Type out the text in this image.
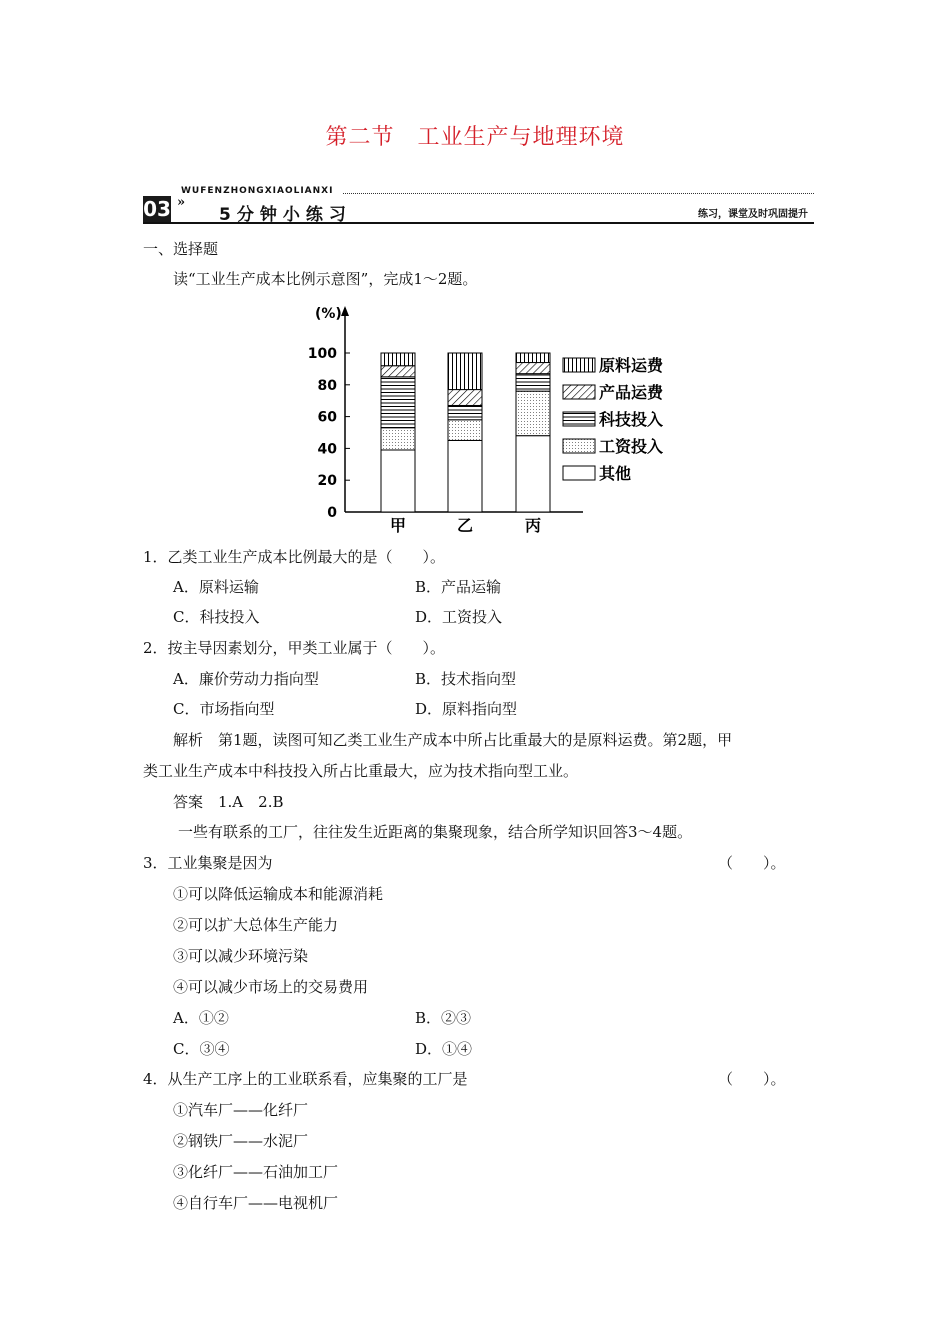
第二节　工业生产与地理环境
WUFENZHONGXIAOLIANXI
03 »
5分钟小练习	练习，课堂及时巩固提升
一、选择题
读“工业生产成本比例示意图”，完成1～2题。
(%)
100
80
60
40
20
0
甲	乙	丙
原料运费
产品运费
科技投入
工资投入
其他
1．乙类工业生产成本比例最大的是（　　）。
A．原料运输	B．产品运输
C．科技投入	D．工资投入
2．按主导因素划分，甲类工业属于（　　）。
A．廉价劳动力指向型	B．技术指向型
C．市场指向型	D．原料指向型
解析　第1题，读图可知乙类工业生产成本中所占比重最大的是原料运费。第2题，甲
类工业生产成本中科技投入所占比重最大，应为技术指向型工业。
答案　1.A　2.B
一些有联系的工厂，往往发生近距离的集聚现象，结合所学知识回答3～4题。
3．工业集聚是因为	（　　）。
①可以降低运输成本和能源消耗
②可以扩大总体生产能力
③可以减少环境污染
④可以减少市场上的交易费用
A．①②	B．②③
C．③④	D．①④
4．从生产工序上的工业联系看，应集聚的工厂是	（　　）。
①汽车厂——化纤厂
②钢铁厂——水泥厂
③化纤厂——石油加工厂
④自行车厂——电视机厂
